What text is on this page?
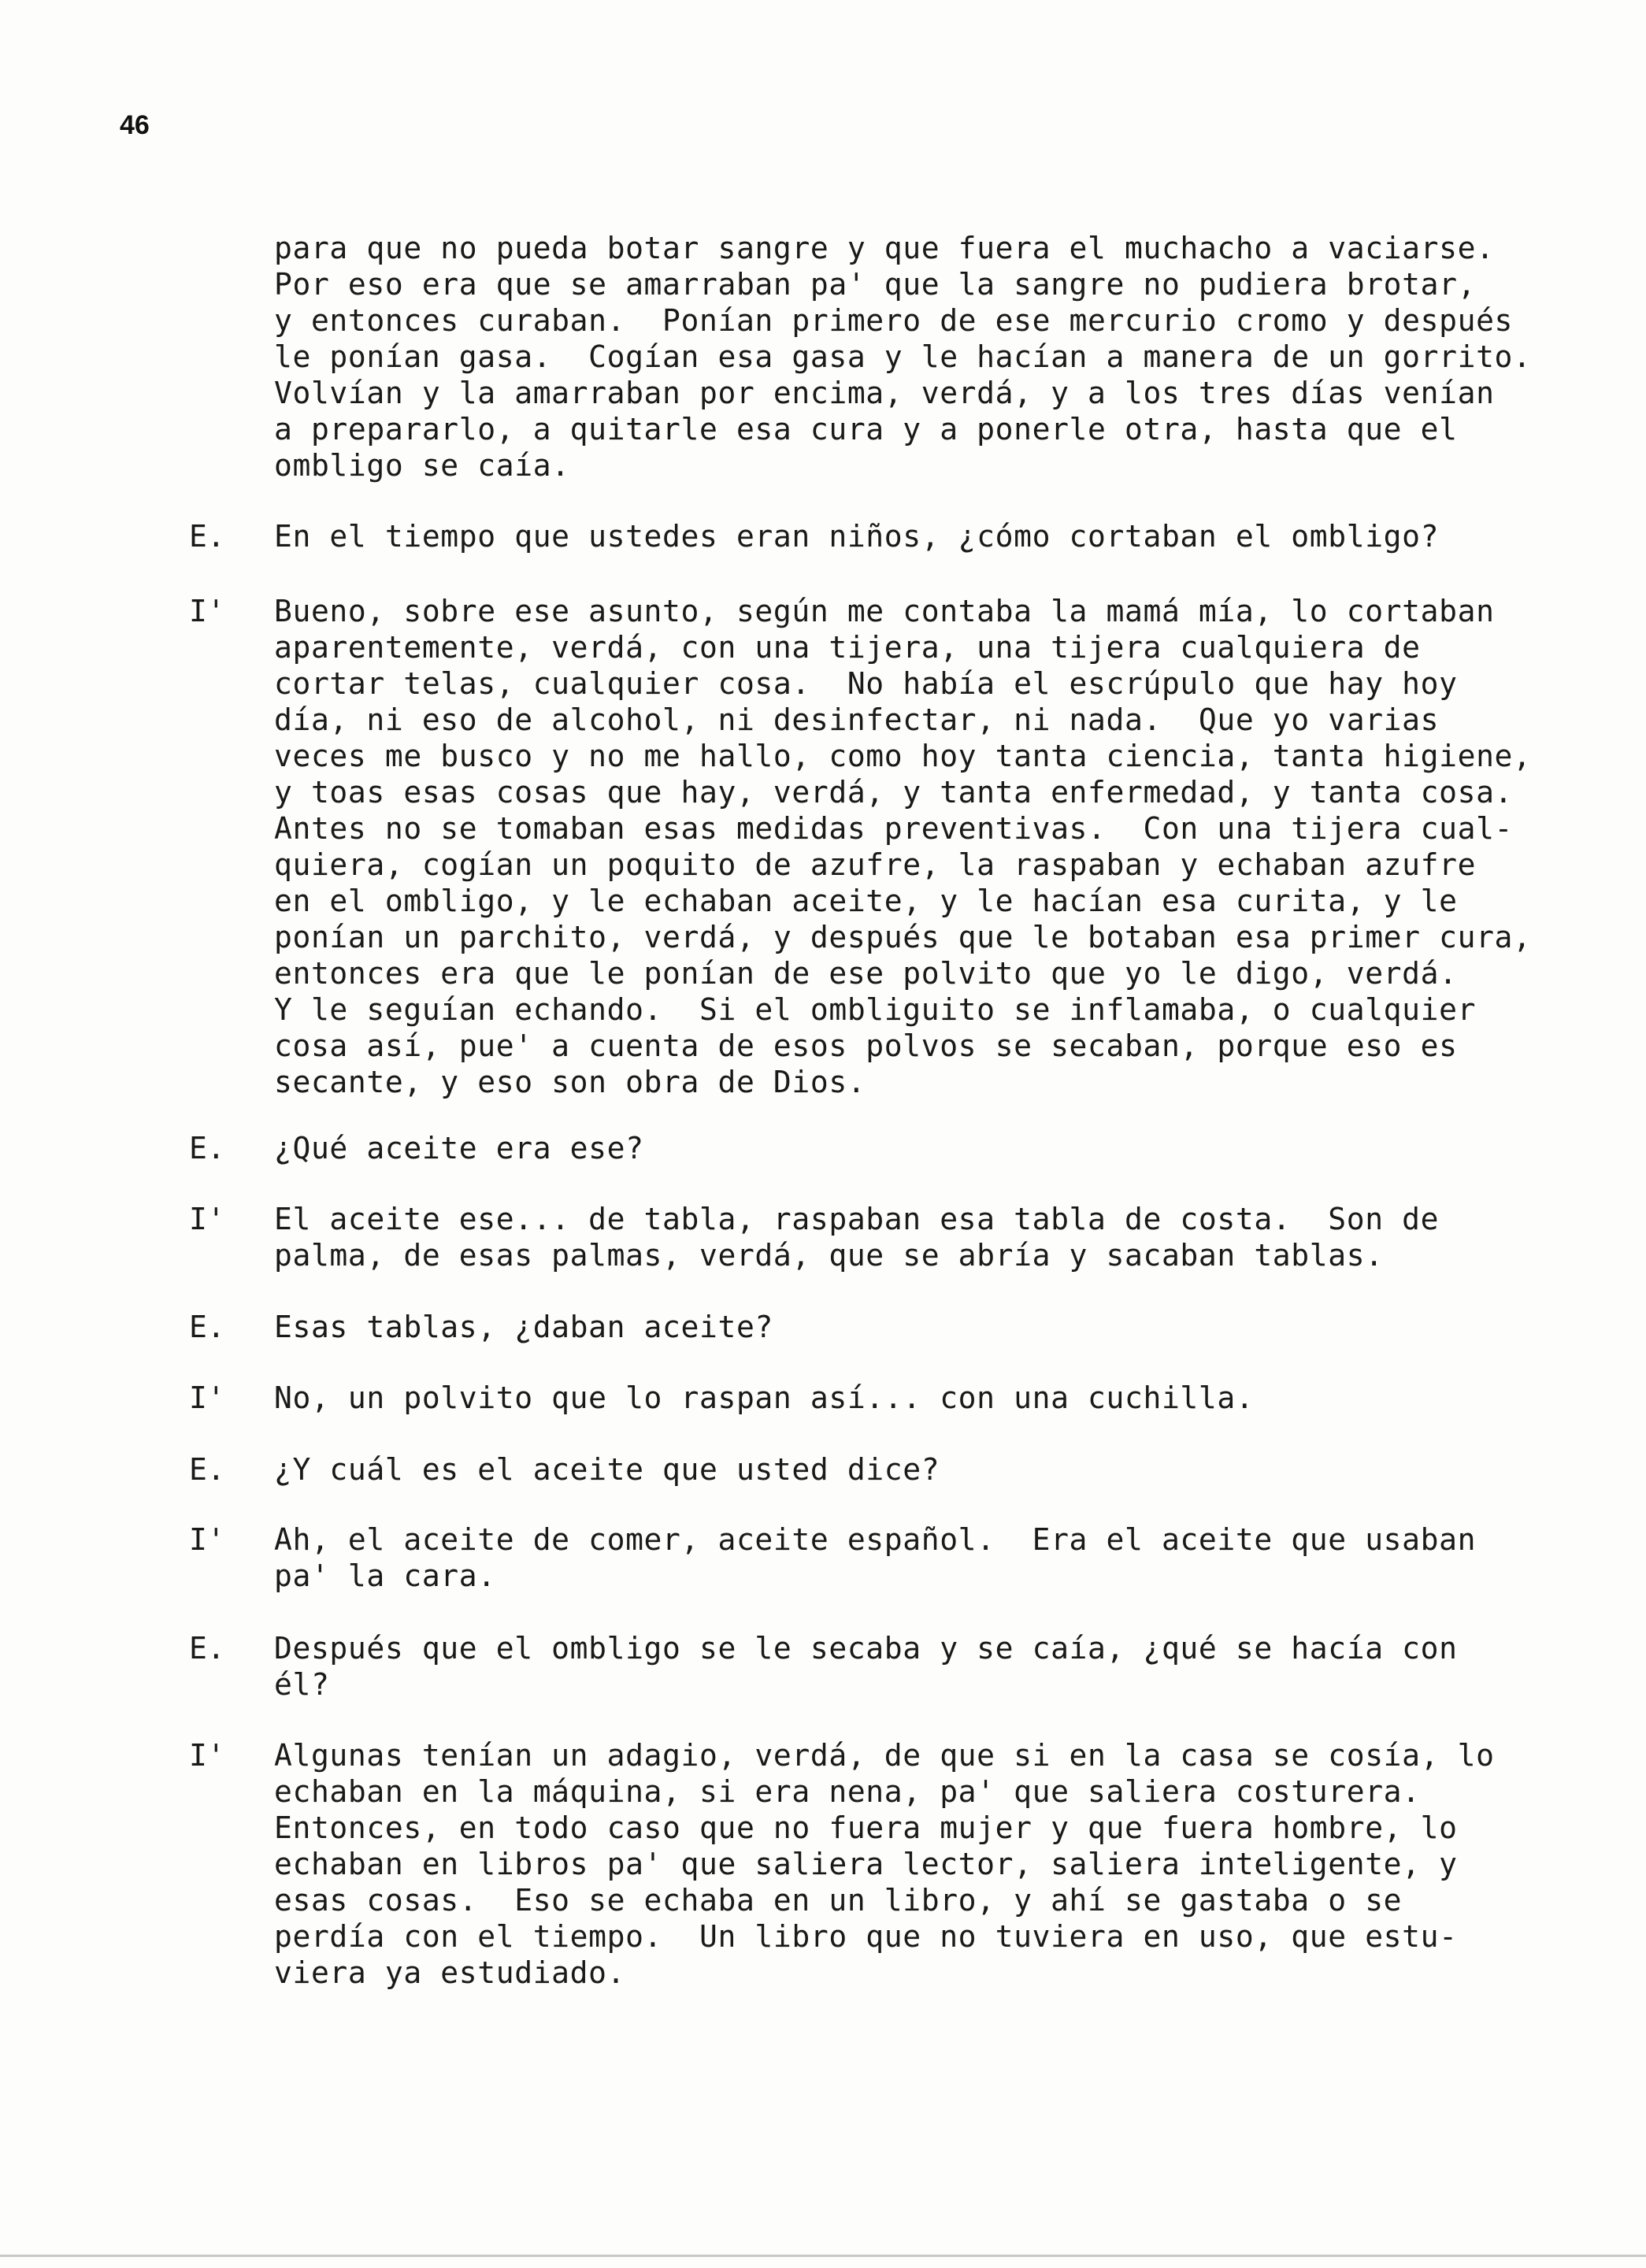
46
para que no pueda botar sangre y que fuera el muchacho a vaciarse.
Por eso era que se amarraban pa' que la sangre no pudiera brotar,
y entonces curaban.  Ponían primero de ese mercurio cromo y después
le ponían gasa.  Cogían esa gasa y le hacían a manera de un gorrito.
Volvían y la amarraban por encima, verdá, y a los tres días venían
a prepararlo, a quitarle esa cura y a ponerle otra, hasta que el
ombligo se caía.
E. En el tiempo que ustedes eran niños, ¿cómo cortaban el ombligo?
I' Bueno, sobre ese asunto, según me contaba la mamá mía, lo cortaban
aparentemente, verdá, con una tijera, una tijera cualquiera de
cortar telas, cualquier cosa.  No había el escrúpulo que hay hoy
día, ni eso de alcohol, ni desinfectar, ni nada.  Que yo varias
veces me busco y no me hallo, como hoy tanta ciencia, tanta higiene,
y toas esas cosas que hay, verdá, y tanta enfermedad, y tanta cosa.
Antes no se tomaban esas medidas preventivas.  Con una tijera cual-
quiera, cogían un poquito de azufre, la raspaban y echaban azufre
en el ombligo, y le echaban aceite, y le hacían esa curita, y le
ponían un parchito, verdá, y después que le botaban esa primer cura,
entonces era que le ponían de ese polvito que yo le digo, verdá.
Y le seguían echando.  Si el ombliguito se inflamaba, o cualquier
cosa así, pue' a cuenta de esos polvos se secaban, porque eso es
secante, y eso son obra de Dios.
E. ¿Qué aceite era ese?
I' El aceite ese... de tabla, raspaban esa tabla de costa.  Son de
palma, de esas palmas, verdá, que se abría y sacaban tablas.
E. Esas tablas, ¿daban aceite?
I' No, un polvito que lo raspan así... con una cuchilla.
E. ¿Y cuál es el aceite que usted dice?
I' Ah, el aceite de comer, aceite español.  Era el aceite que usaban
pa' la cara.
E. Después que el ombligo se le secaba y se caía, ¿qué se hacía con
él?
I' Algunas tenían un adagio, verdá, de que si en la casa se cosía, lo
echaban en la máquina, si era nena, pa' que saliera costurera.
Entonces, en todo caso que no fuera mujer y que fuera hombre, lo
echaban en libros pa' que saliera lector, saliera inteligente, y
esas cosas.  Eso se echaba en un libro, y ahí se gastaba o se
perdía con el tiempo.  Un libro que no tuviera en uso, que estu-
viera ya estudiado.
